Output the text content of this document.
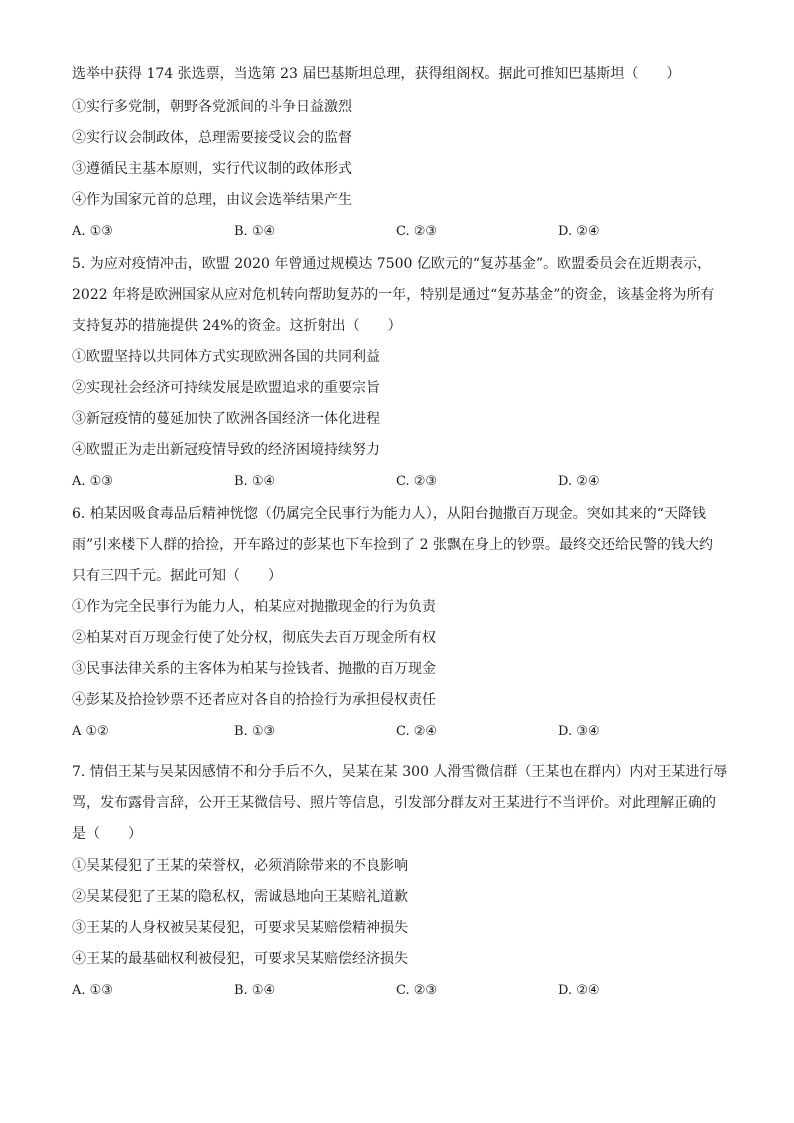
选举中获得 174 张选票，当选第 23 届巴基斯坦总理，获得组阁权。据此可推知巴基斯坦（　　）
①实行多党制，朝野各党派间的斗争日益激烈
②实行议会制政体，总理需要接受议会的监督
③遵循民主基本原则，实行代议制的政体形式
④作为国家元首的总理，由议会选举结果产生
A. ①③	B. ①④	C. ②③	D. ②④
5. 为应对疫情冲击，欧盟 2020 年曾通过规模达 7500 亿欧元的“复苏基金”。欧盟委员会在近期表示，
2022 年将是欧洲国家从应对危机转向帮助复苏的一年，特别是通过“复苏基金”的资金，该基金将为所有
支持复苏的措施提供 24%的资金。这折射出（　　）
①欧盟坚持以共同体方式实现欧洲各国的共同利益
②实现社会经济可持续发展是欧盟追求的重要宗旨
③新冠疫情的蔓延加快了欧洲各国经济一体化进程
④欧盟正为走出新冠疫情导致的经济困境持续努力
A. ①③	B. ①④	C. ②③	D. ②④
6. 柏某因吸食毒品后精神恍惚（仍属完全民事行为能力人），从阳台抛撒百万现金。突如其来的“天降钱
雨”引来楼下人群的拾捡，开车路过的彭某也下车捡到了 2 张飘在身上的钞票。最终交还给民警的钱大约
只有三四千元。据此可知（　　）
①作为完全民事行为能力人，柏某应对抛撒现金的行为负责
②柏某对百万现金行使了处分权，彻底失去百万现金所有权
③民事法律关系的主客体为柏某与捡钱者、抛撒的百万现金
④彭某及拾捡钞票不还者应对各自的拾捡行为承担侵权责任
A ①②	B. ①③	C. ②④	D. ③④
7. 情侣王某与吴某因感情不和分手后不久，吴某在某 300 人滑雪微信群（王某也在群内）内对王某进行辱
骂，发布露骨言辞，公开王某微信号、照片等信息，引发部分群友对王某进行不当评价。对此理解正确的
是（　　）
①吴某侵犯了王某的荣誉权，必须消除带来的不良影响
②吴某侵犯了王某的隐私权，需诚恳地向王某赔礼道歉
③王某的人身权被吴某侵犯，可要求吴某赔偿精神损失
④王某的最基础权利被侵犯，可要求吴某赔偿经济损失
A. ①③	B. ①④	C. ②③	D. ②④
